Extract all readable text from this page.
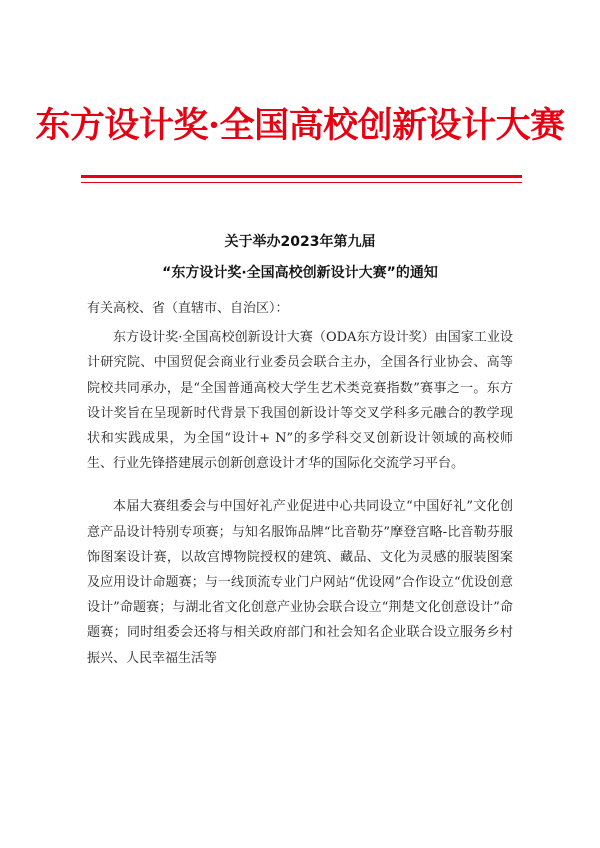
东方设计奖·全国高校创新设计大赛
关于举办2023年第九届
“东方设计奖·全国高校创新设计大赛”的通知

有关高校、省（直辖市、自治区）：

东方设计奖·全国高校创新设计大赛（ODA东方设计奖）由国家工业设计研究院、中国贸促会商业行业委员会联合主办，全国各行业协会、高等院校共同承办，是“全国普通高校大学生艺术类竞赛指数”赛事之一。东方设计奖旨在呈现新时代背景下我国创新设计等交叉学科多元融合的教学现状和实践成果，为全国“设计+ N”的多学科交叉创新设计领域的高校师生、行业先锋搭建展示创新创意设计才华的国际化交流学习平台。

本届大赛组委会与中国好礼产业促进中心共同设立“中国好礼”文化创意产品设计特别专项赛；与知名服饰品牌“比音勒芬”摩登宫略-比音勒芬服饰图案设计赛，以故宫博物院授权的建筑、藏品、文化为灵感的服装图案及应用设计命题赛；与一线顶流专业门户网站“优设网”合作设立“优设创意设计”命题赛；与湖北省文化创意产业协会联合设立“荆楚文化创意设计”命题赛；同时组委会还将与相关政府部门和社会知名企业联合设立服务乡村振兴、人民幸福生活等
